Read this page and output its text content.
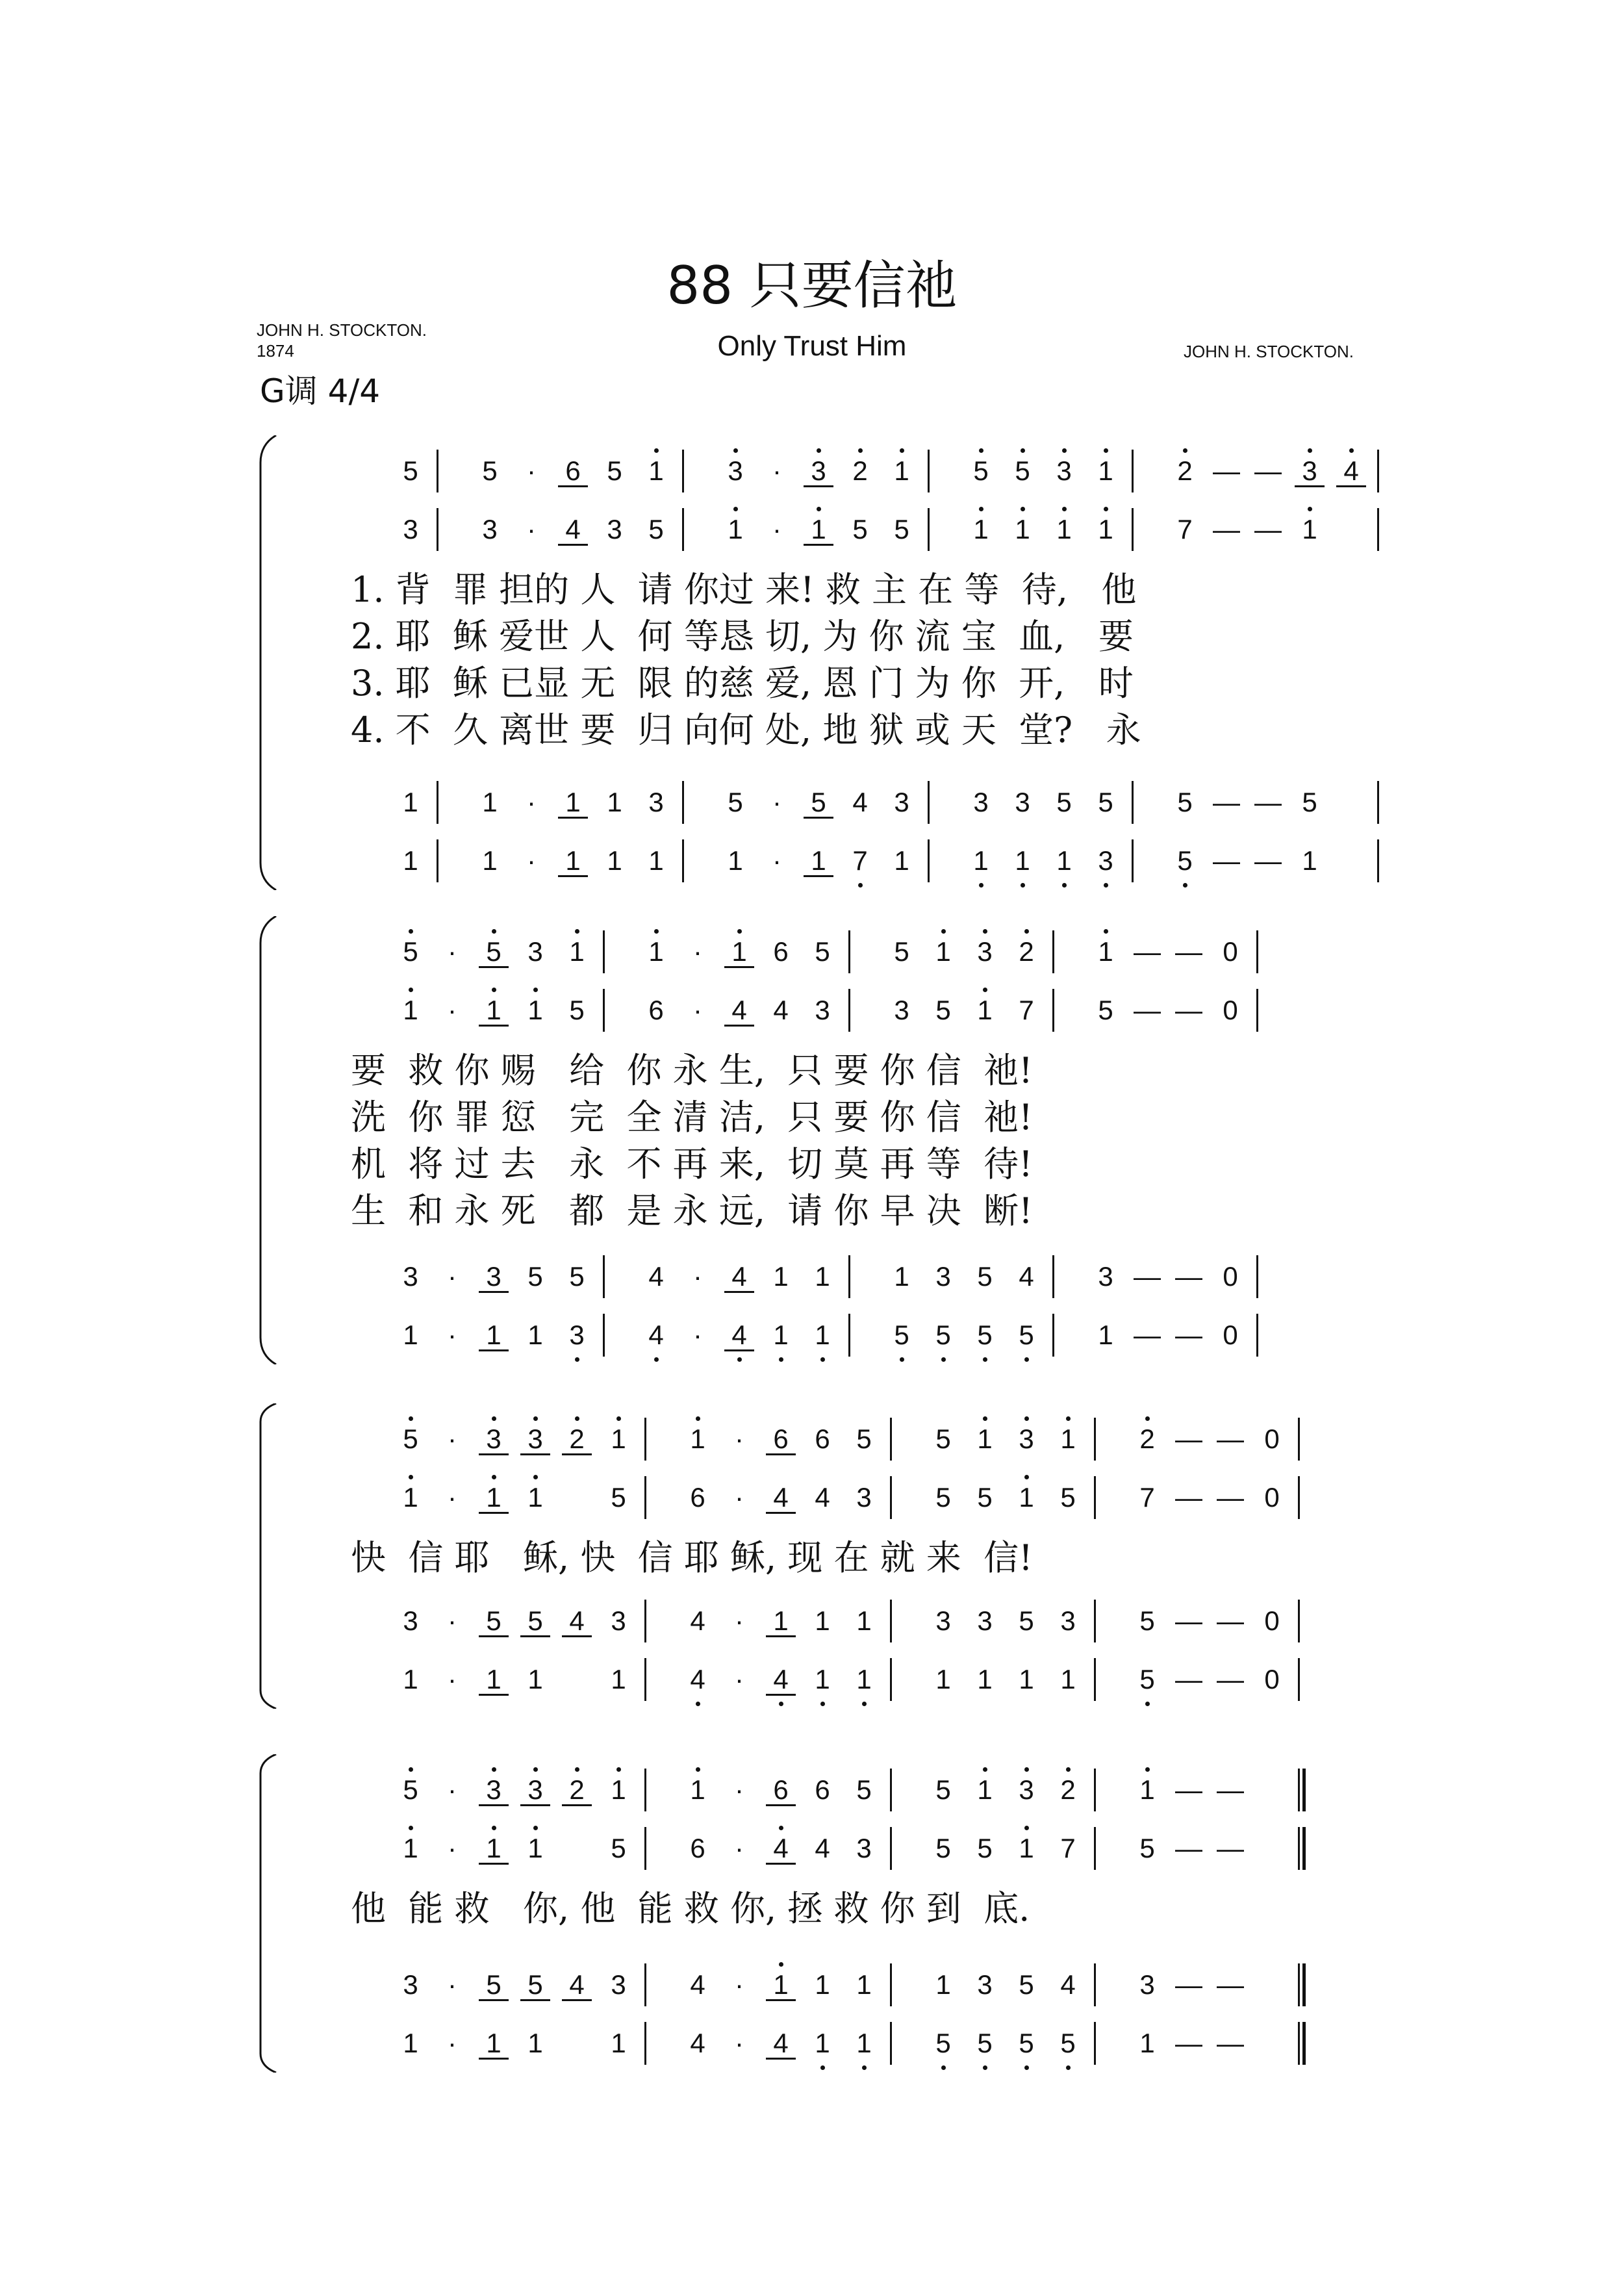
88 只要信祂
Only Trust Him
JOHN H. STOCKTON.
1874	JOHN H. STOCKTON.
G调 4/4
5	5	·	6 5 1	3	·	3 2 1	5 5 3 1	2 — — 3 4
3	3	·	4 3 5	1	·	1 5 5	1 1 1 1	7 — — 1
1	1	·	1 1 3	5	·	5 4 3	3 3 5 5	5 — — 5
1	1	·	1 1 1	1	·	1 7 1	1 1 1 3	5 — — 1
1. 背  罪 担的 人  请 你过 来! 救 主 在 等  待,   他
2. 耶  稣 爱世 人  何 等恳 切, 为 你 流 宝  血,   要
3. 耶  稣 已显 无  限 的慈 爱, 恩 门 为 你  开,   时
4. 不  久 离世 要  归 向何 处, 地 狱 或 天  堂?   永
5	·	5 3 1	1	·	1 6 5	5 1 3 2	1 — — 0
1	·	1 1 5	6	·	4 4 3	3 5 1 7	5 — — 0
3	·	3 5 5	4	·	4 1 1	1 3 5 4	3 — — 0
1	·	1 1 3	4	·	4 1 1	5 5 5 5	1 — — 0
要  救 你 赐   给  你 永 生,  只 要 你 信  祂!
洗  你 罪 愆   完  全 清 洁,  只 要 你 信  祂!
机  将 过 去   永  不 再 来,  切 莫 再 等  待!
生  和 永 死   都  是 永 远,  请 你 早 决  断!
5	·	3 3 2 1	1	·	6 6 5	5 1 3 1	2 — — 0
1	·	1 1	5	6	·	4 4 3	5 5 1 5	7 — — 0
3	·	5 5 4 3	4	·	1 1 1	3 3 5 3	5 — — 0
1	·	1 1	1	4	·	4 1 1	1 1 1 1	5 — — 0
快  信 耶   稣, 快  信 耶 稣, 现 在 就 来  信!
5	·	3 3 2 1	1	·	6 6 5	5 1 3 2	1 — —
1	·	1 1	5	6	·	4 4 3	5 5 1 7	5 — —
3	·	5 5 4 3	4	·	1 1 1	1 3 5 4	3 — —
1	·	1 1	1	4	·	4 1 1	5 5 5 5	1 — —
他  能 救   你, 他  能 救 你, 拯 救 你 到  底.
